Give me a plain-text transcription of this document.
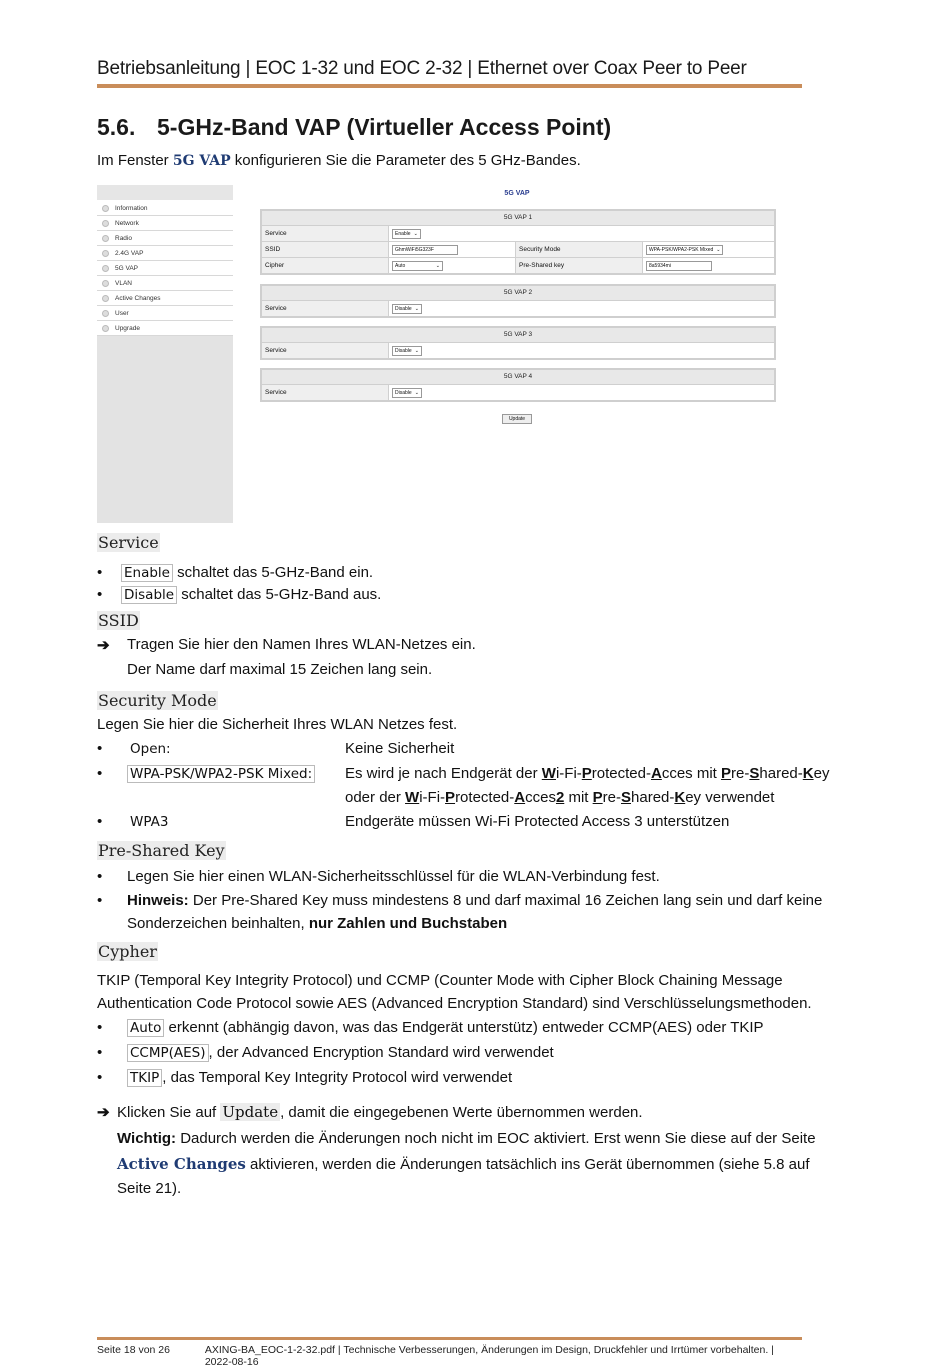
Betriebsanleitung | EOC 1-32 und EOC 2-32 | Ethernet over Coax Peer to Peer
5.6. 5-GHz-Band VAP (Virtueller Access Point)
Im Fenster 5G VAP konfigurieren Sie die Parameter des 5 GHz-Bandes.
Information
Network
Radio
2.4G VAP
5G VAP
VLAN
Active Changes
User
Upgrade
5G VAP
5G VAP 1
Service	Enable ⌄
SSID	GhmWiFi5G323F	Security Mode	WPA-PSK/WPA2-PSK Mixed ⌄
Cipher	Auto	⌄	Pre-Shared key	8a5934mi
5G VAP 2
Service	Disable ⌄
5G VAP 3
Service	Disable ⌄
5G VAP 4
Service	Disable ⌄
Update
Service
•	Enable schaltet das 5-GHz-Band ein.
•	Disable schaltet das 5-GHz-Band aus.
SSID
➔	Tragen Sie hier den Namen Ihres WLAN-Netzes ein.
Der Name darf maximal 15 Zeichen lang sein.
Security Mode
Legen Sie hier die Sicherheit Ihres WLAN Netzes fest.
•	Open:	Keine Sicherheit
•	WPA-PSK/WPA2-PSK Mixed: Es wird je nach Endgerät der Wi-Fi-Protected-Acces mit Pre-Shared-Key
oder der Wi-Fi-Protected-Acces2 mit Pre-Shared-Key verwendet
•	WPA3	Endgeräte müssen Wi-Fi Protected Access 3 unterstützen
Pre-Shared Key
•	Legen Sie hier einen WLAN-Sicherheitsschlüssel für die WLAN-Verbindung fest.
•	Hinweis: Der Pre-Shared Key muss mindestens 8 und darf maximal 16 Zeichen lang sein und darf keine
Sonderzeichen beinhalten, nur Zahlen und Buchstaben
Cypher
TKIP (Temporal Key Integrity Protocol) und CCMP (Counter Mode with Cipher Block Chaining Message
Authentication Code Protocol sowie AES (Advanced Encryption Standard) sind Verschlüsselungsmethoden.
•	Auto erkennt (abhängig davon, was das Endgerät unterstütz) entweder CCMP(AES) oder TKIP
•	CCMP(AES) , der Advanced Encryption Standard wird verwendet
•	TKIP , das Temporal Key Integrity Protocol wird verwendet
➔ Klicken Sie auf Update , damit die eingegebenen Werte übernommen werden.
Wichtig: Dadurch werden die Änderungen noch nicht im EOC aktiviert. Erst wenn Sie diese auf der Seite
Active Changes aktivieren, werden die Änderungen tatsächlich ins Gerät übernommen (siehe 5.8 auf
Seite 21).
Seite 18 von 26	AXING-BA_EOC-1-2-32.pdf | Technische Verbesserungen, Änderungen im Design, Druckfehler und Irrtümer vorbehalten. | 2022-08-16
